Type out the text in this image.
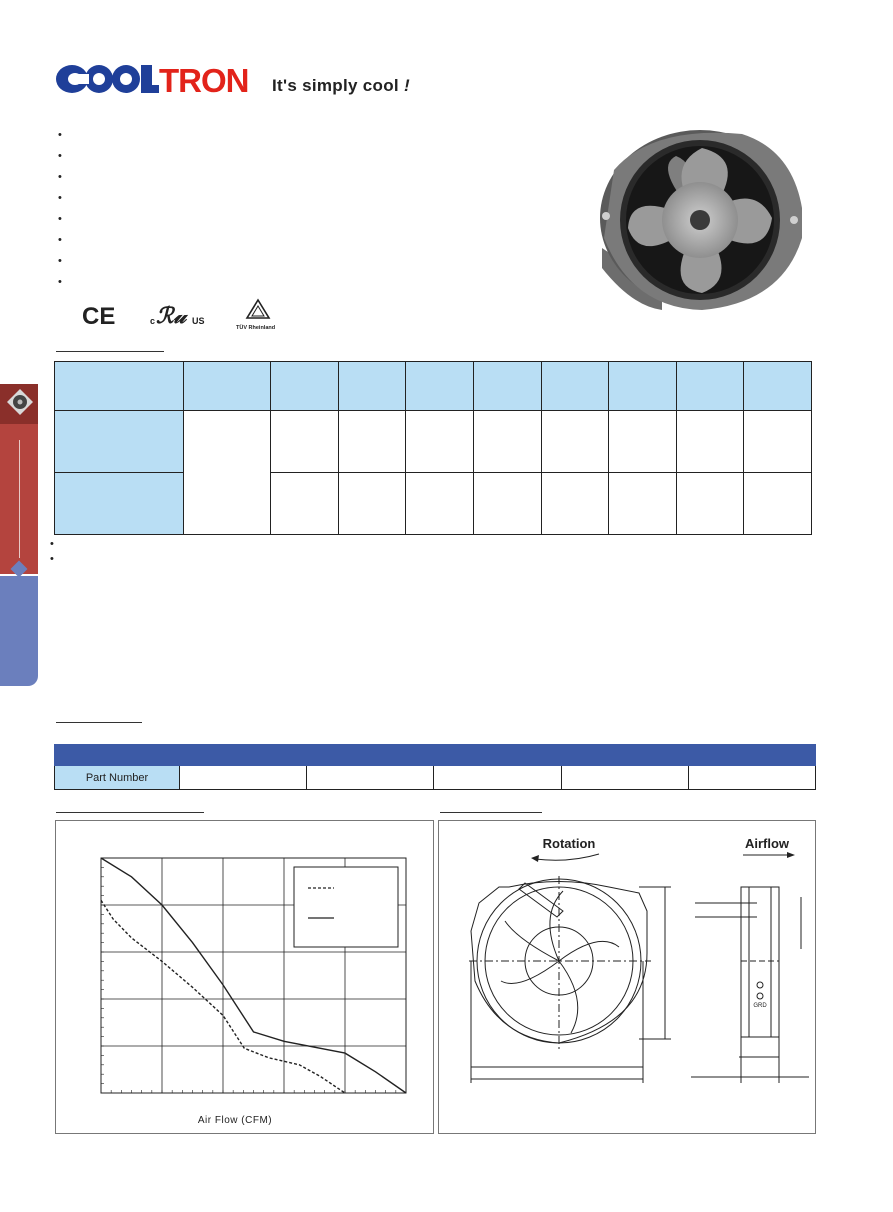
TRON It's simply cool !
•
•
•
•
•
•
•
•
CE	c ℛ𝓊 US
TÜV Rheinland

•
•

Part Number					
Air Flow (CFM)
Rotation	Airflow
GRD
